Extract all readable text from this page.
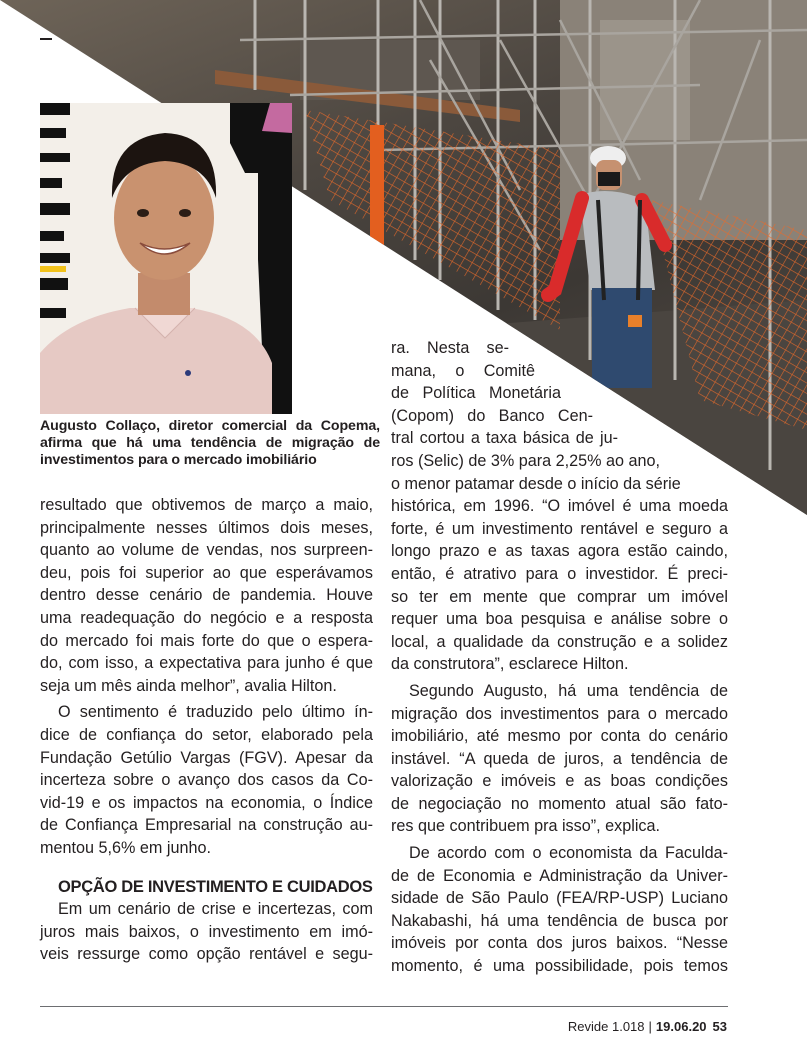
Augusto Collaço, diretor comercial da Copema,
afirma que há uma tendência de migração de
investimentos para o mercado imobiliário
resultado que obtivemos de março a maio,
principalmente nesses últimos dois meses,
quanto ao volume de vendas, nos surpreen-
deu, pois foi superior ao que esperávamos
dentro desse cenário de pandemia. Houve
uma readequação do negócio e a resposta
do mercado foi mais forte do que o espera-
do, com isso, a expectativa para junho é que
seja um mês ainda melhor”, avalia Hilton.
O sentimento é traduzido pelo último ín-
dice de confiança do setor, elaborado pela
Fundação Getúlio Vargas (FGV). Apesar da
incerteza sobre o avanço dos casos da Co-
vid-19 e os impactos na economia, o Índice
de Confiança Empresarial na construção au-
mentou 5,6% em junho.
OPÇÃO DE INVESTIMENTO E CUIDADOS
Em um cenário de crise e incertezas, com
juros mais baixos, o investimento em imó-
veis ressurge como opção rentável e segu-
ra. Nesta se-
mana, o Comitê
de Política Monetária
(Copom) do Banco Cen-
tral cortou a taxa básica de ju-
ros (Selic) de 3% para 2,25% ao ano,
o menor patamar desde o início da série
histórica, em 1996. “O imóvel é uma moeda
forte, é um investimento rentável e seguro a
longo prazo e as taxas agora estão caindo,
então, é atrativo para o investidor. É preci-
so ter em mente que comprar um imóvel
requer uma boa pesquisa e análise sobre o
local, a qualidade da construção e a solidez
da construtora”, esclarece Hilton.
Segundo Augusto, há uma tendência de
migração dos investimentos para o mercado
imobiliário, até mesmo por conta do cenário
instável. “A queda de juros, a tendência de
valorização e imóveis e as boas condições
de negociação no momento atual são fato-
res que contribuem pra isso”, explica.
De acordo com o economista da Faculda-
de de Economia e Administração da Univer-
sidade de São Paulo (FEA/RP-USP) Luciano
Nakabashi, há uma tendência de busca por
imóveis por conta dos juros baixos. “Nesse
momento, é uma possibilidade, pois temos
Revide 1.018 | 19.06.20 53
